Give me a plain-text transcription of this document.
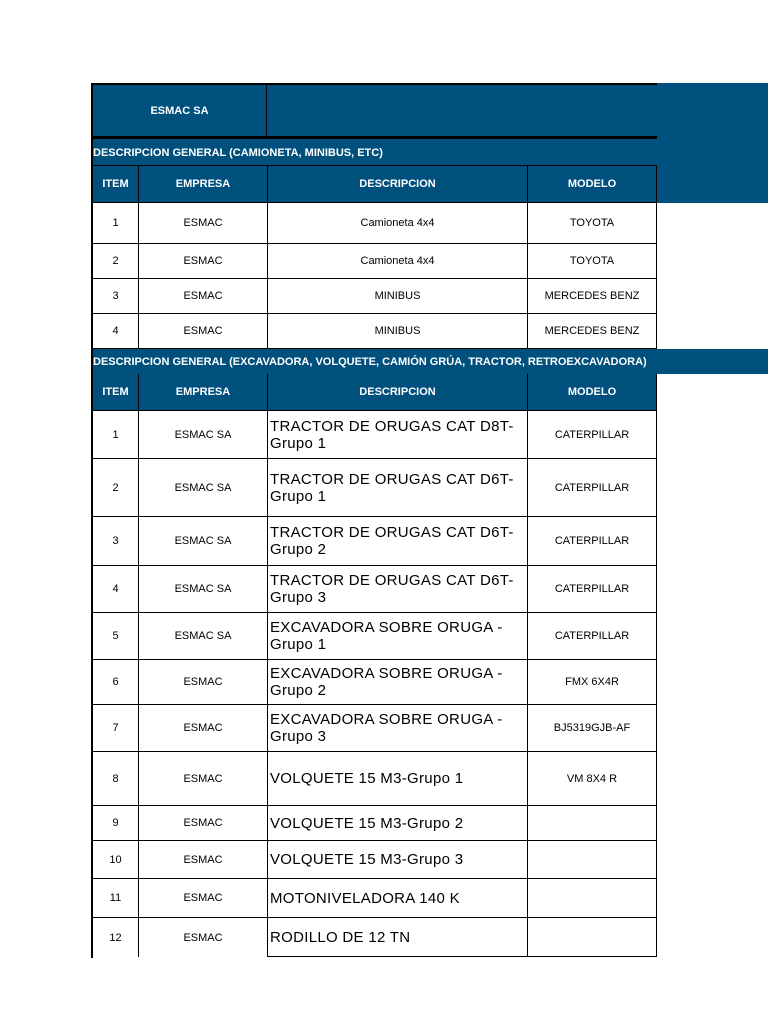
ESMAC SA
DESCRIPCION GENERAL (CAMIONETA, MINIBUS, ETC)
ITEM	EMPRESA	DESCRIPCION	MODELO
1	ESMAC	Camioneta 4x4	TOYOTA
2	ESMAC	Camioneta 4x4	TOYOTA
3	ESMAC	MINIBUS	MERCEDES BENZ
4	ESMAC	MINIBUS	MERCEDES BENZ
DESCRIPCION GENERAL (EXCAVADORA, VOLQUETE, CAMIÓN GRÚA, TRACTOR, RETROEXCAVADORA)
ITEM	EMPRESA	DESCRIPCION	MODELO
1	ESMAC SA	TRACTOR DE ORUGAS CAT D8T-Grupo 1	CATERPILLAR
2	ESMAC SA	TRACTOR DE ORUGAS CAT D6T-Grupo 1	CATERPILLAR
3	ESMAC SA	TRACTOR DE ORUGAS CAT D6T-Grupo 2	CATERPILLAR
4	ESMAC SA	TRACTOR DE ORUGAS CAT D6T-Grupo 3	CATERPILLAR
5	ESMAC SA	EXCAVADORA SOBRE ORUGA -Grupo 1	CATERPILLAR
6	ESMAC	EXCAVADORA SOBRE ORUGA -Grupo 2	FMX 6X4R
7	ESMAC	EXCAVADORA SOBRE ORUGA -Grupo 3	BJ5319GJB-AF
8	ESMAC	VOLQUETE 15 M3-Grupo 1	VM 8X4 R
9	ESMAC	VOLQUETE 15 M3-Grupo 2
10	ESMAC	VOLQUETE 15 M3-Grupo 3
11	ESMAC	MOTONIVELADORA 140 K
12	ESMAC	RODILLO DE 12 TN
